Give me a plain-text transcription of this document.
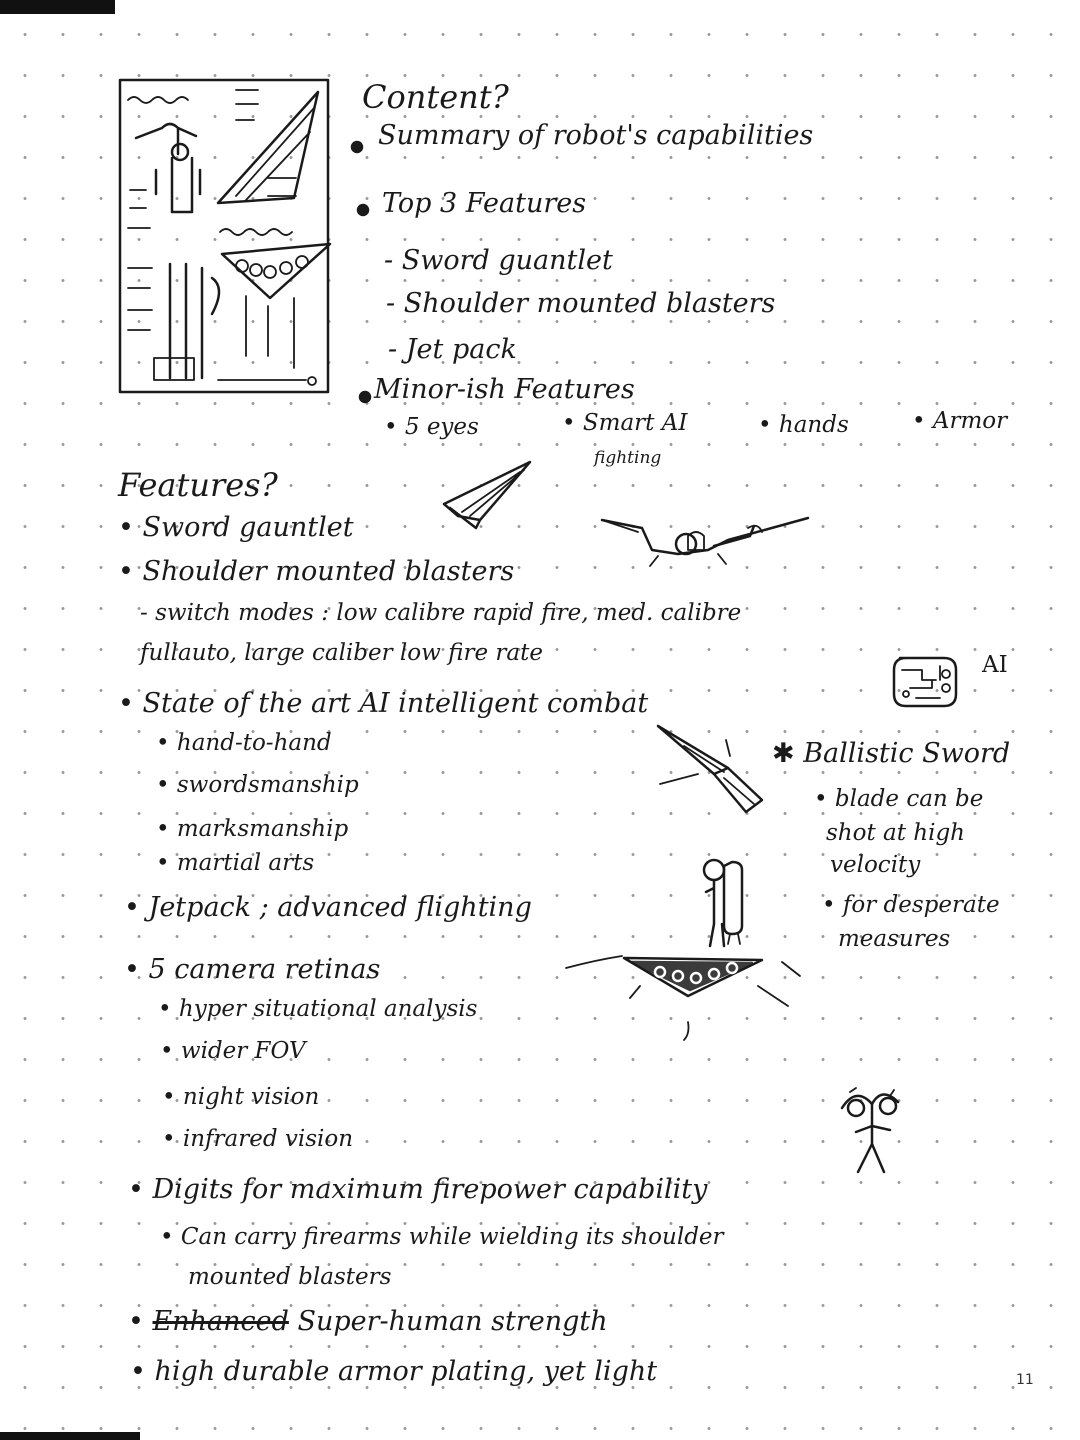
Content?
Summary of robot's capabilities
Top 3 Features
- Sword guantlet
- Shoulder mounted blasters
- Jet pack
Minor-ish Features
• 5 eyes	• Smart AI
fighting
• hands	• Armor
Features?
• Sword gauntlet
• Shoulder mounted blasters
- switch modes : low calibre rapid fire, med. calibre
fullauto, large caliber low fire rate	AI
• State of the art AI intelligent combat
• hand-to-hand
• swordsmanship
• marksmanship
• martial arts
✱ Ballistic Sword
• blade can be
shot at high
velocity
• for desperate
measures
• Jetpack ; advanced flighting
• 5 camera retinas
• hyper situational analysis
• wider FOV
• night vision
• infrared vision
• Digits for maximum firepower capability
• Can carry firearms while wielding its shoulder
mounted blasters
• Enhanced Super-human strength
• high durable armor plating, yet light	11
